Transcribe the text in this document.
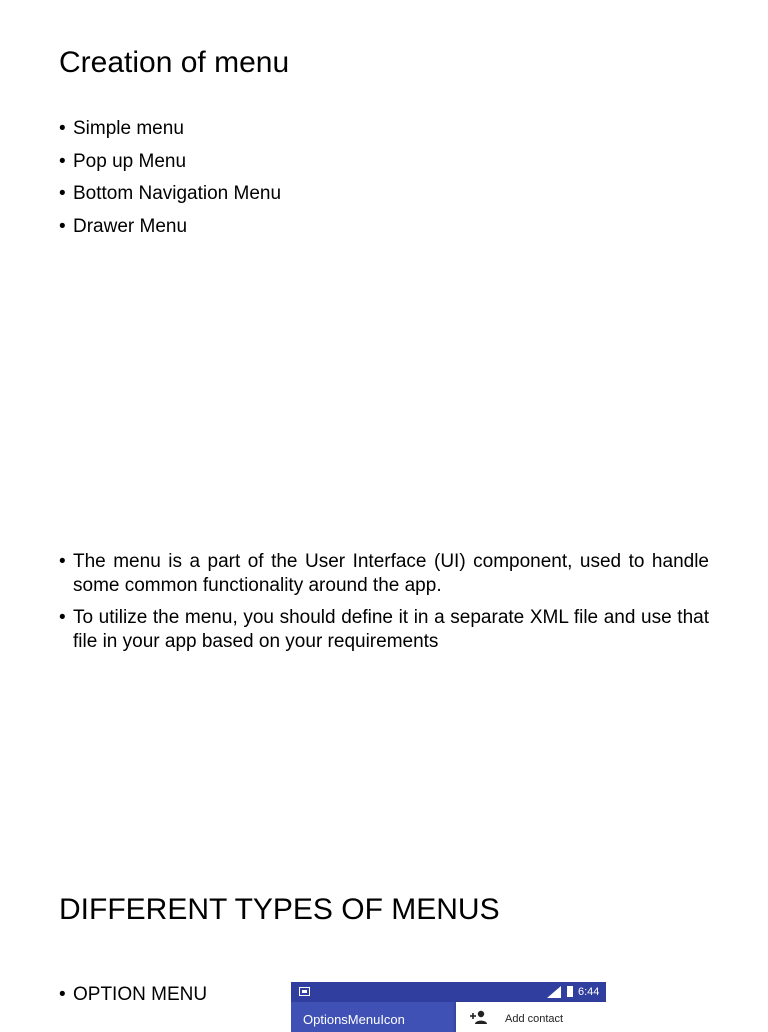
Creation of menu
• Simple menu
• Pop up Menu
• Bottom Navigation Menu
• Drawer Menu
• The menu is a part of the User Interface (UI) component, used to handle some common functionality around the app.
• To utilize the menu, you should define it in a separate XML file and use that file in your app based on your requirements
DIFFERENT TYPES OF MENUS
• OPTION MENU	6:44
OptionsMenuIcon	Add contact
